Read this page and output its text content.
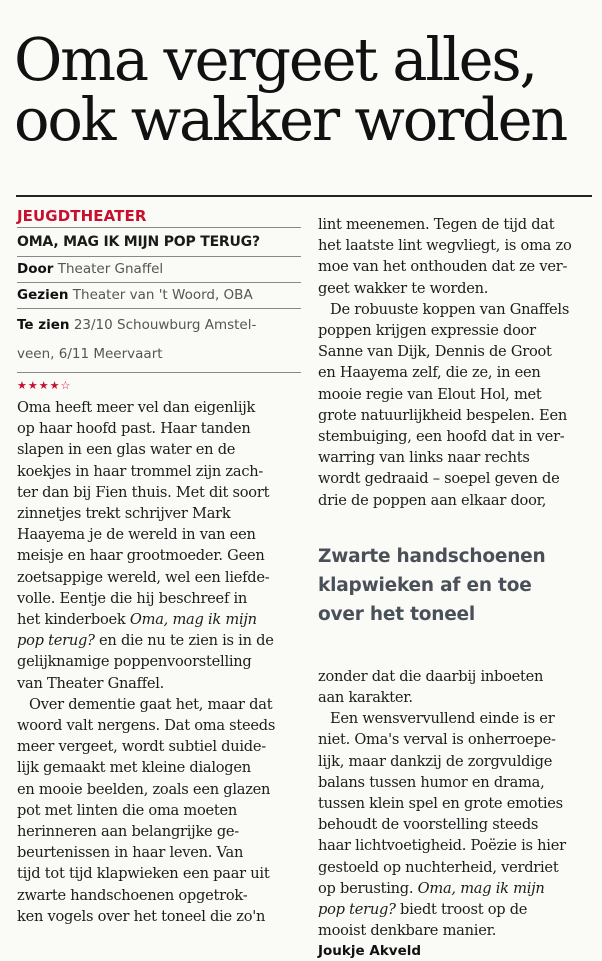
Oma vergeet alles,
ook wakker worden
JEUGDTHEATER
OMA, MAG IK MIJN POP TERUG?
Door Theater Gnaffel
Gezien Theater van 't Woord, OBA
Te zien 23/10 Schouwburg Amstel-
veen, 6/11 Meervaart
★★★★☆

Oma heeft meer vel dan eigenlijk
op haar hoofd past. Haar tanden
slapen in een glas water en de
koekjes in haar trommel zijn zach-
ter dan bij Fien thuis. Met dit soort
zinnetjes trekt schrijver Mark
Haayema je de wereld in van een
meisje en haar grootmoeder. Geen
zoetsappige wereld, wel een liefde-
volle. Eentje die hij beschreef in
het kinderboek Oma, mag ik mijn
pop terug? en die nu te zien is in de
gelijknamige poppenvoorstelling
van Theater Gnaffel.
Over dementie gaat het, maar dat
woord valt nergens. Dat oma steeds
meer vergeet, wordt subtiel duide-
lijk gemaakt met kleine dialogen
en mooie beelden, zoals een glazen
pot met linten die oma moeten
herinneren aan belangrijke ge-
beurtenissen in haar leven. Van
tijd tot tijd klapwieken een paar uit
zwarte handschoenen opgetrok-
ken vogels over het toneel die zo'n

lint meenemen. Tegen de tijd dat
het laatste lint wegvliegt, is oma zo
moe van het onthouden dat ze ver-
geet wakker te worden.
De robuuste koppen van Gnaffels
poppen krijgen expressie door
Sanne van Dijk, Dennis de Groot
en Haayema zelf, die ze, in een
mooie regie van Elout Hol, met
grote natuurlijkheid bespelen. Een
stembuiging, een hoofd dat in ver-
warring van links naar rechts
wordt gedraaid – soepel geven de
drie de poppen aan elkaar door,

Zwarte handschoenen
klapwieken af en toe
over het toneel

zonder dat die daarbij inboeten
aan karakter.
Een wensvervullend einde is er
niet. Oma's verval is onherroepe-
lijk, maar dankzij de zorgvuldige
balans tussen humor en drama,
tussen klein spel en grote emoties
behoudt de voorstelling steeds
haar lichtvoetigheid. Poëzie is hier
gestoeld op nuchterheid, verdriet
op berusting. Oma, mag ik mijn
pop terug? biedt troost op de
mooist denkbare manier.

Joukje Akveld
